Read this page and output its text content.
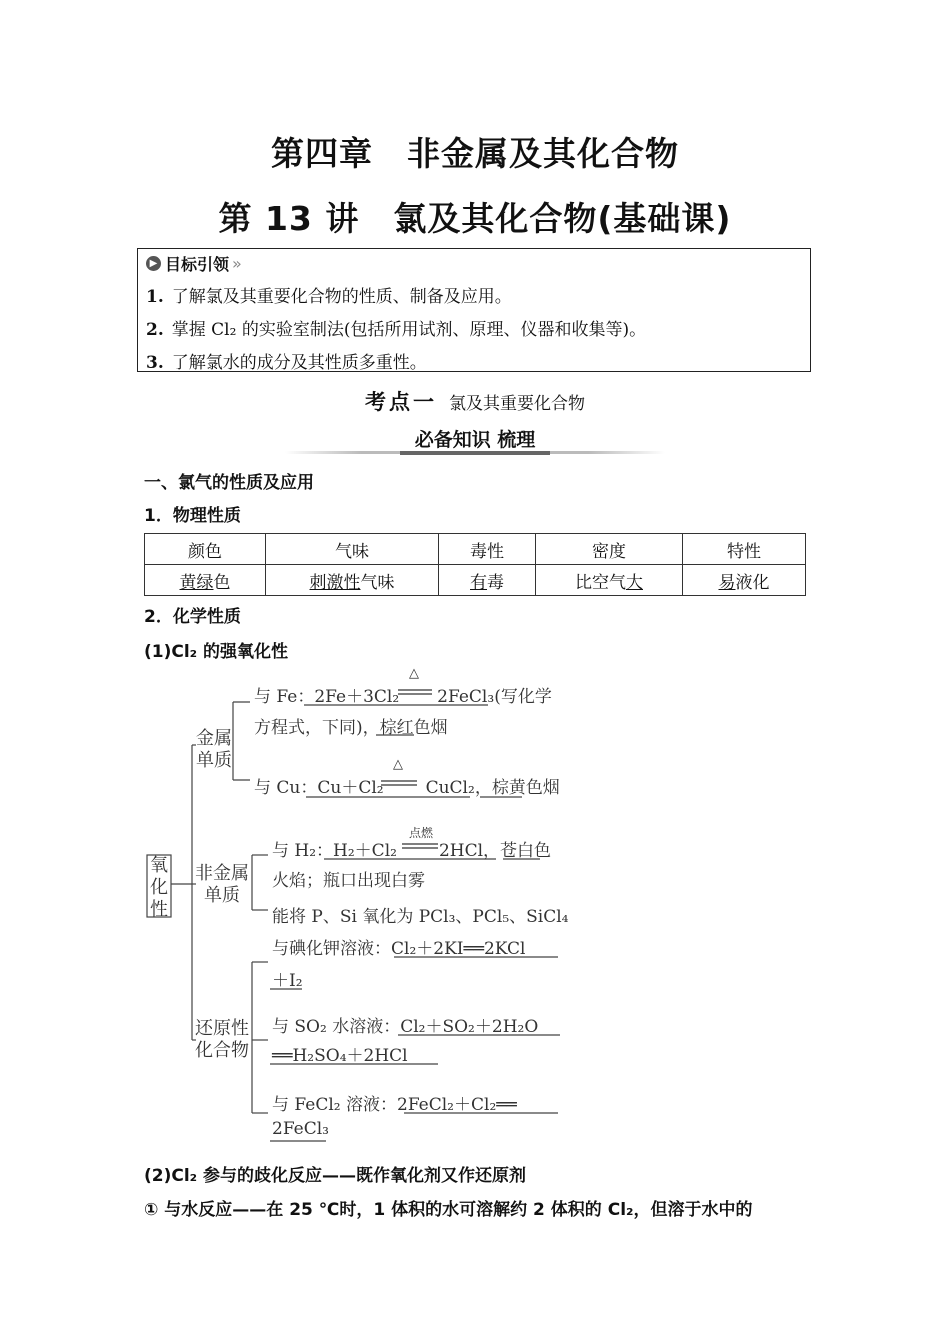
第四章　非金属及其化合物
第 13 讲　氯及其化合物(基础课)
▶ 目标引领 »
1. 了解氯及其重要化合物的性质、制备及应用。
2. 掌握 Cl₂ 的实验室制法(包括所用试剂、原理、仪器和收集等)。
3. 了解氯水的成分及其性质多重性。
考点一 氯及其重要化合物
必备知识 梳理
一、氯气的性质及应用
1．物理性质
颜色	气味	毒性	密度	特性
黄绿色	刺激性气味	有毒	比空气大	易液化
2．化学性质
(1)Cl₂ 的强氧化性
氧
化
性
金属
单质
非金属
单质
还原性
化合物
与 Fe：2Fe＋3Cl₂ 2FeCl₃(写化学
△
方程式，下同)，棕红色烟
与 Cu：Cu＋Cl₂ CuCl₂，棕黄色烟
△
与 H₂：H₂＋Cl₂ 2HCl，苍白色
点燃
火焰；瓶口出现白雾
能将 P、Si 氧化为 PCl₃、PCl₅、SiCl₄
与碘化钾溶液：Cl₂＋2KI══2KCl
＋I₂
与 SO₂ 水溶液：Cl₂＋SO₂＋2H₂O
══H₂SO₄＋2HCl
与 FeCl₂ 溶液：2FeCl₂＋Cl₂══
2FeCl₃
(2)Cl₂ 参与的歧化反应——既作氧化剂又作还原剂
① 与水反应——在 25 ℃时，1 体积的水可溶解约 2 体积的 Cl₂，但溶于水中的
